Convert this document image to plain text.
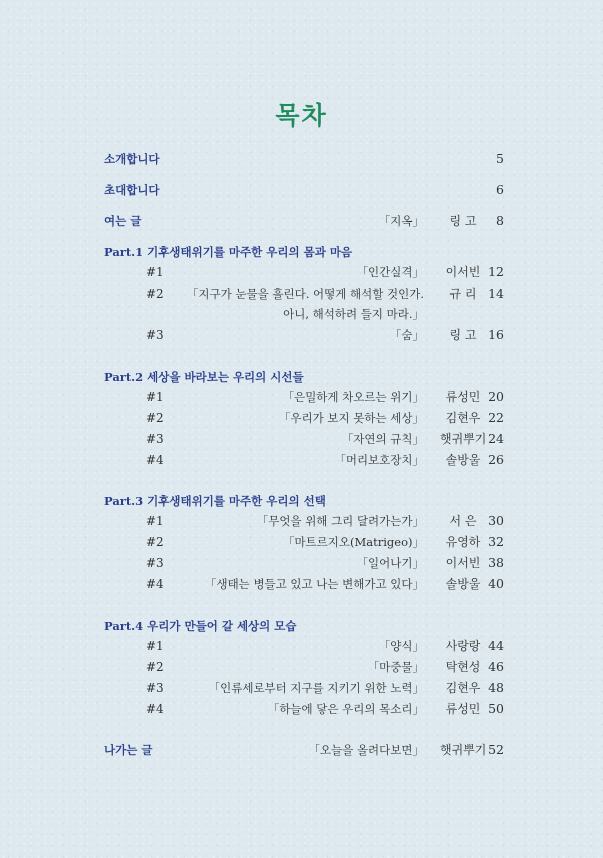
목차
소개합니다	5
초대합니다	6
여는 글	「지옥」	링 고	8
Part.1 기후생태위기를 마주한 우리의 몸과 마음
#1	「인간실격」	이서빈 12
#2 「지구가 눈물을 흘린다. 어떻게 해석할 것인가.	규 리 14
아니, 해석하려 들지 마라.」
#3	「숨」	링 고 16
Part.2 세상을 바라보는 우리의 시선들
#1	「은밀하게 차오르는 위기」	류성민 20
#2	「우리가 보지 못하는 세상」	김현우 22
#3	「자연의 규칙」 햇귀뿌기 24
#4	「머리보호장치」	솔방울 26
Part.3 기후생태위기를 마주한 우리의 선택
#1	「무엇을 위해 그리 달려가는가」	서 은 30
#2	「마트르지오(Matrigeo)」	유영하 32
#3	「일어나기」	이서빈 38
#4	「생태는 병들고 있고 나는 변해가고 있다」	솔방울 40
Part.4 우리가 만들어 갈 세상의 모습
#1	「양식」	사랑랑 44
#2	「마중물」	탁현성 46
#3	「인류세로부터 지구를 지키기 위한 노력」	김현우 48
#4	「하늘에 닿은 우리의 목소리」	류성민 50
나가는 글	「오늘을 올려다보면」 햇귀뿌기 52
